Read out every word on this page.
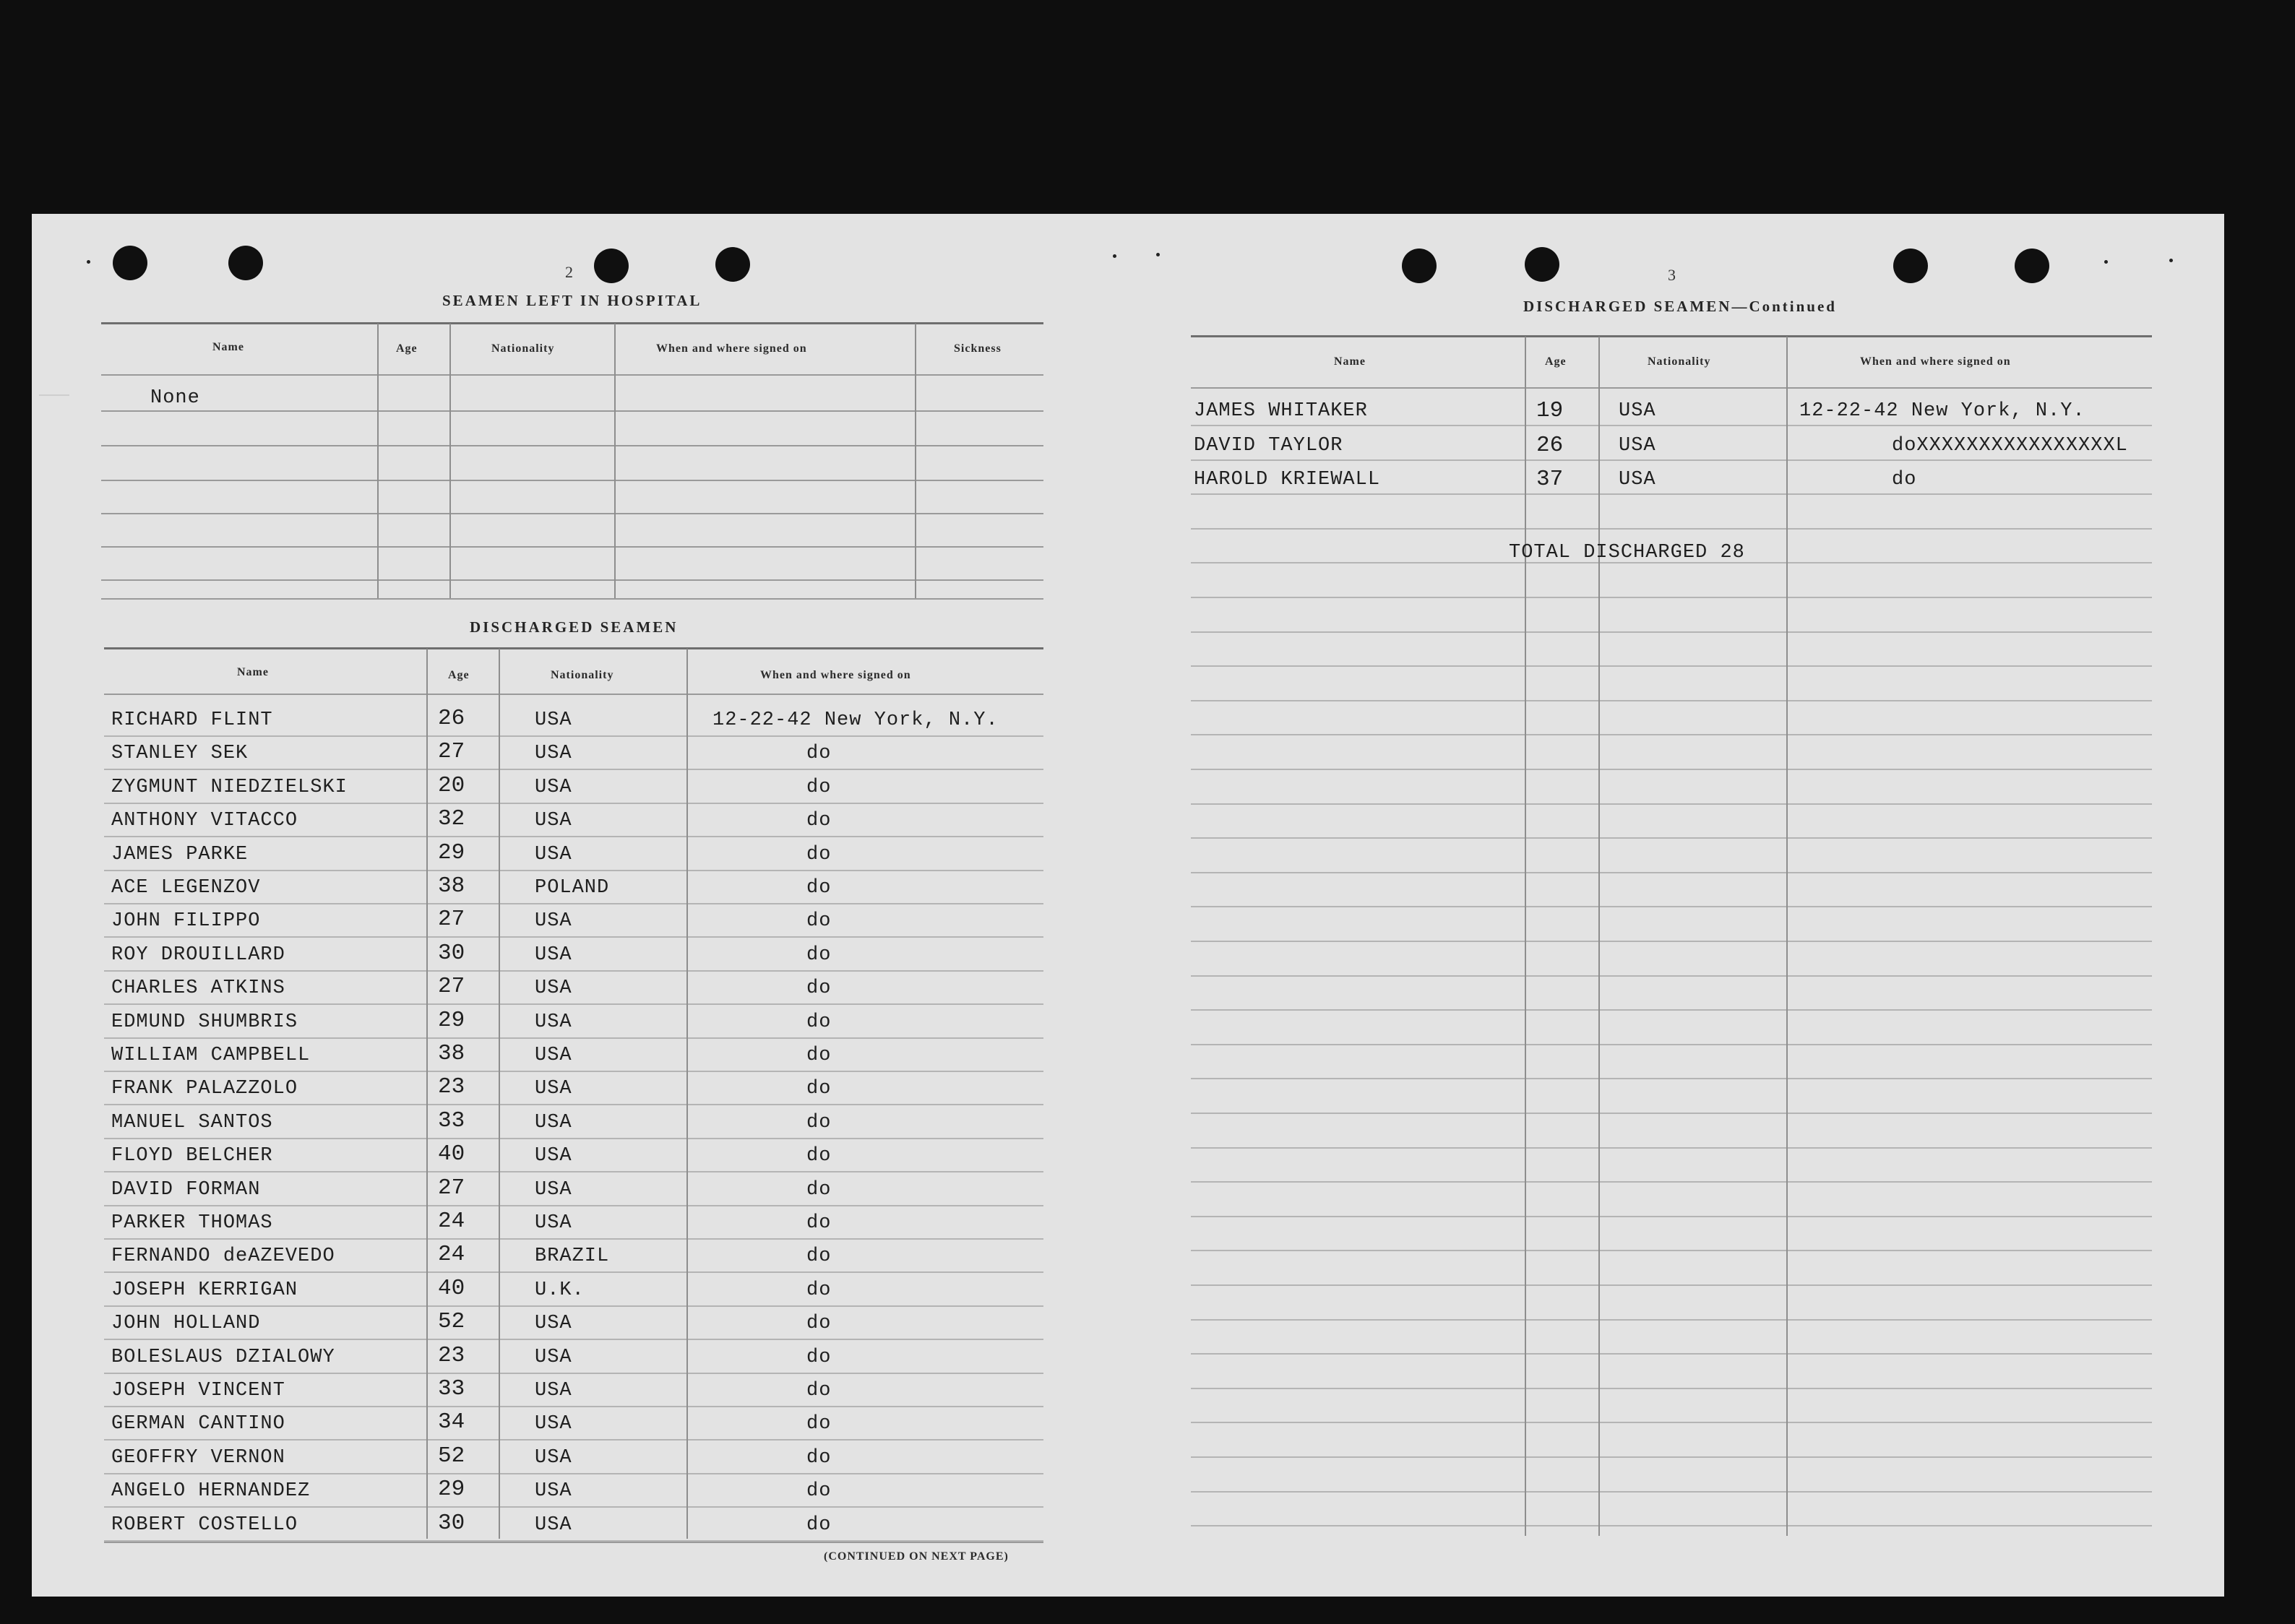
2
SEAMEN LEFT IN HOSPITAL
Name	Age	Nationality	When and where signed on	Sickness
None
DISCHARGED SEAMEN
Name	Age	Nationality	When and where signed on
RICHARD FLINT	26	USA	12-22-42 New York, N.Y.
STANLEY SEK	27	USA	do
ZYGMUNT NIEDZIELSKI	20	USA	do
ANTHONY VITACCO	32	USA	do
JAMES PARKE	29	USA	do
ACE LEGENZOV	38	POLAND	do
JOHN FILIPPO	27	USA	do
ROY DROUILLARD	30	USA	do
CHARLES ATKINS	27	USA	do
EDMUND SHUMBRIS	29	USA	do
WILLIAM CAMPBELL	38	USA	do
FRANK PALAZZOLO	23	USA	do
MANUEL SANTOS	33	USA	do
FLOYD BELCHER	40	USA	do
DAVID FORMAN	27	USA	do
PARKER THOMAS	24	USA	do
FERNANDO deAZEVEDO	24	BRAZIL	do
JOSEPH KERRIGAN	40	U.K.	do
JOHN HOLLAND	52	USA	do
BOLESLAUS DZIALOWY	23	USA	do
JOSEPH VINCENT	33	USA	do
GERMAN CANTINO	34	USA	do
GEOFFRY VERNON	52	USA	do
ANGELO HERNANDEZ	29	USA	do
ROBERT COSTELLO	30	USA	do
(CONTINUED ON NEXT PAGE)
3
DISCHARGED SEAMEN—Continued
Name	Age	Nationality	When and where signed on
JAMES WHITAKER	19	USA	12-22-42 New York, N.Y.
DAVID TAYLOR	26	USA	doXXXXXXXXXXXXXXXXL
HAROLD KRIEWALL	37	USA	do
TOTAL DISCHARGED 28
